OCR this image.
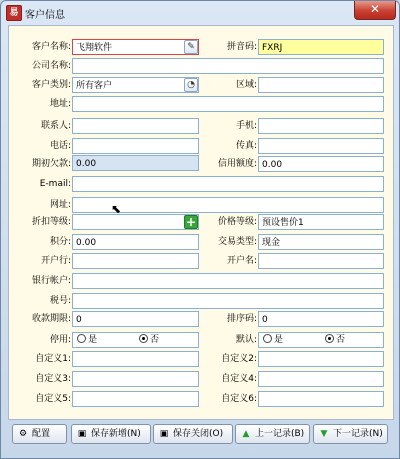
易 客户信息	✕
客户名称: 飞翔软件	✎	拼音码: FXRJ
公司名称:
客户类别: 所有客户	◔	区域:
地址:
联系人:	手机:
电话:	传真:
期初欠款: 0.00	信用额度: 0.00
E-mail:
网址:
折扣等级:	+	价格等级: 预设售价1
积分: 0.00	交易类型: 现金
开户行:	开户名:
银行帐户:
税号:
收款期限: 0	排序码: 0
停用:	是	否	默认:	是	否
自定义1:	自定义2:
自定义3:	自定义4:
自定义5:	自定义6:
⬉
⚙ 配置	▣ 保存新增(N)	▣ 保存关闭(O)	▲ 上一记录(B)	▼ 下一记录(N)
